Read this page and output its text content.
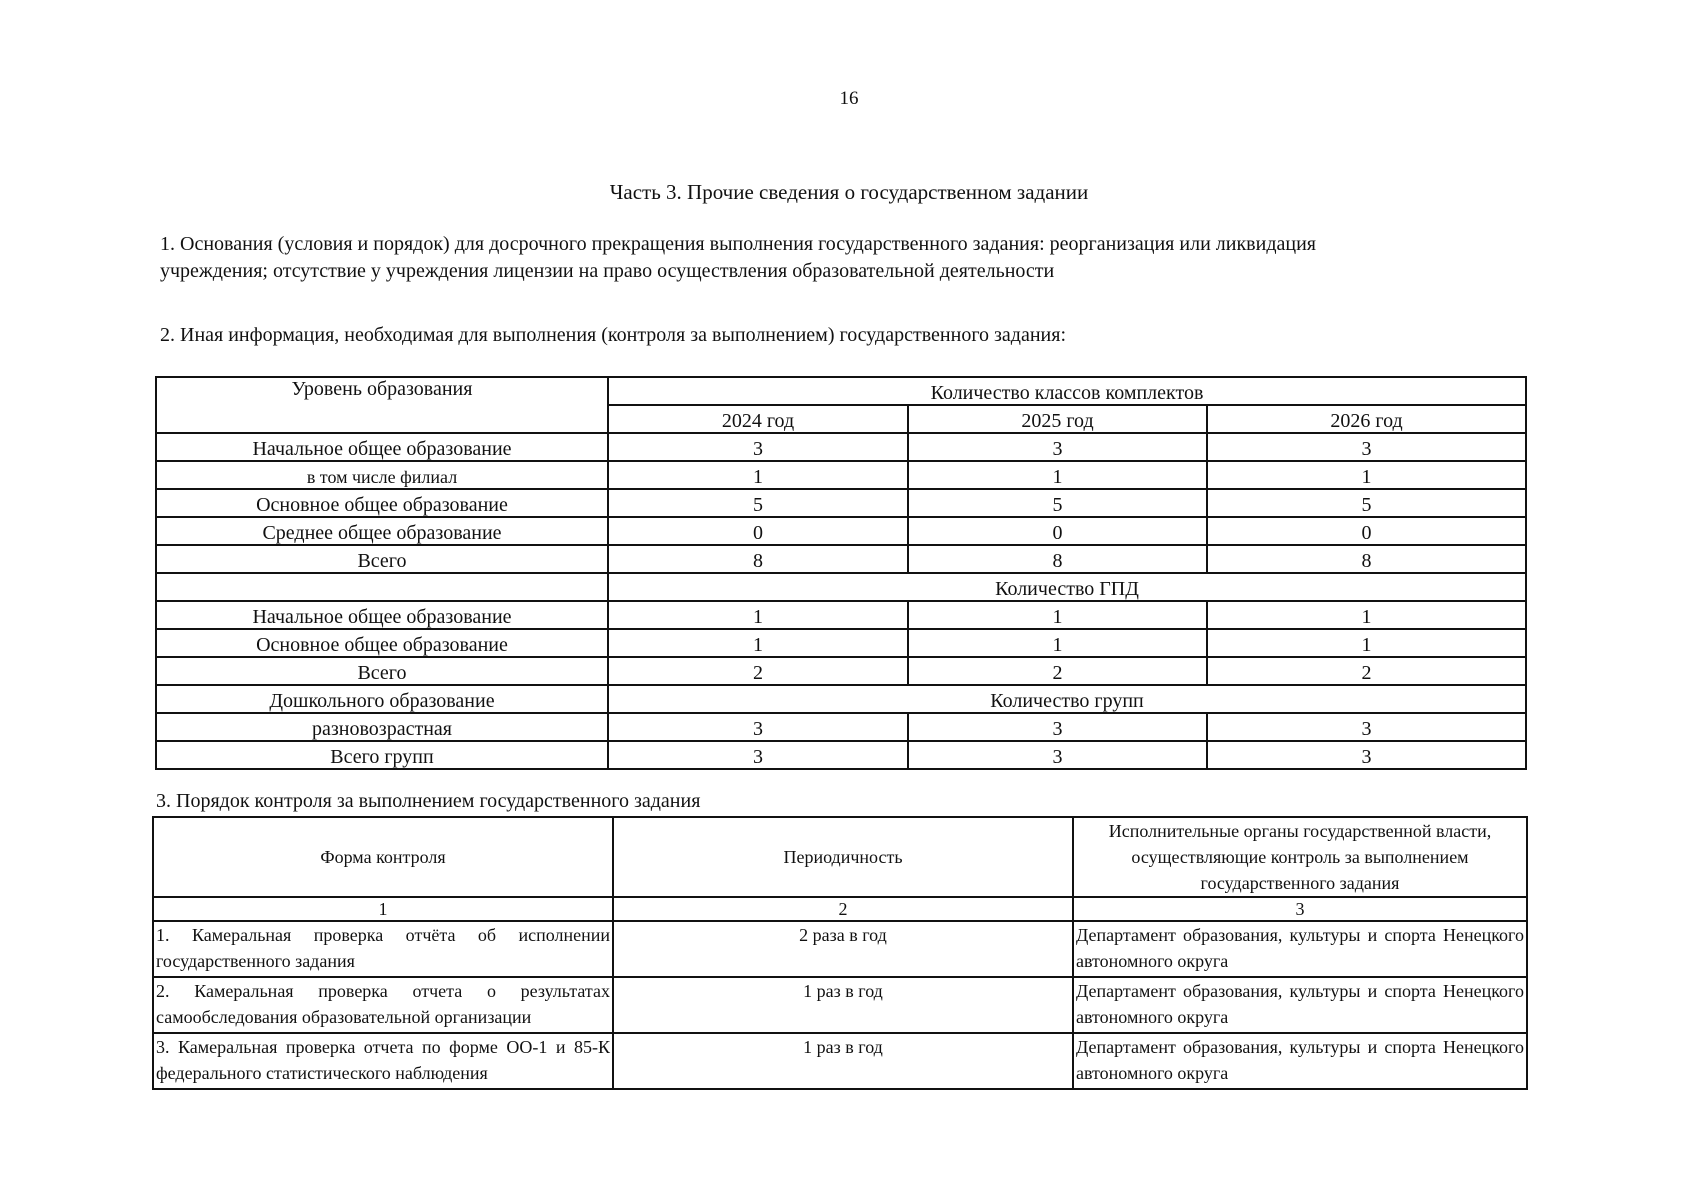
16
Часть 3. Прочие сведения о государственном задании
1. Основания (условия и порядок) для досрочного прекращения выполнения государственного задания: реорганизация или ликвидация
учреждения; отсутствие у учреждения лицензии на право осуществления образовательной деятельности
2. Иная информация, необходимая для выполнения (контроля за выполнением) государственного задания:
Уровень образования	Количество классов комплектов		
	2024 год	2025 год	2026 год
Начальное общее образование	3	3	3
в том числе филиал	1	1	1
Основное общее образование	5	5	5
Среднее общее образование	0	0	0
Всего	8	8	8
	Количество ГПД		
Начальное общее образование	1	1	1
Основное общее образование	1	1	1
Всего	2	2	2
Дошкольного образование	Количество групп		
разновозрастная	3	3	3
Всего групп	3	3	3
3. Порядок контроля за выполнением государственного задания
Форма контроля	Периодичность	Исполнительные органы государственной власти, осуществляющие контроль за выполнением государственного задания
1	2	3

1. Камеральная проверка отчёта об исполнении государственного задания	2 раза в год	Департамент образования, культуры и спорта Ненецкого автономного округа

2. Камеральная проверка отчета о результатах самообследования образовательной организации	1 раз в год	Департамент образования, культуры и спорта Ненецкого автономного округа

3. Камеральная проверка отчета по форме ОО-1 и 85-К федерального статистического наблюдения	1 раз в год	Департамент образования, культуры и спорта Ненецкого автономного округа
